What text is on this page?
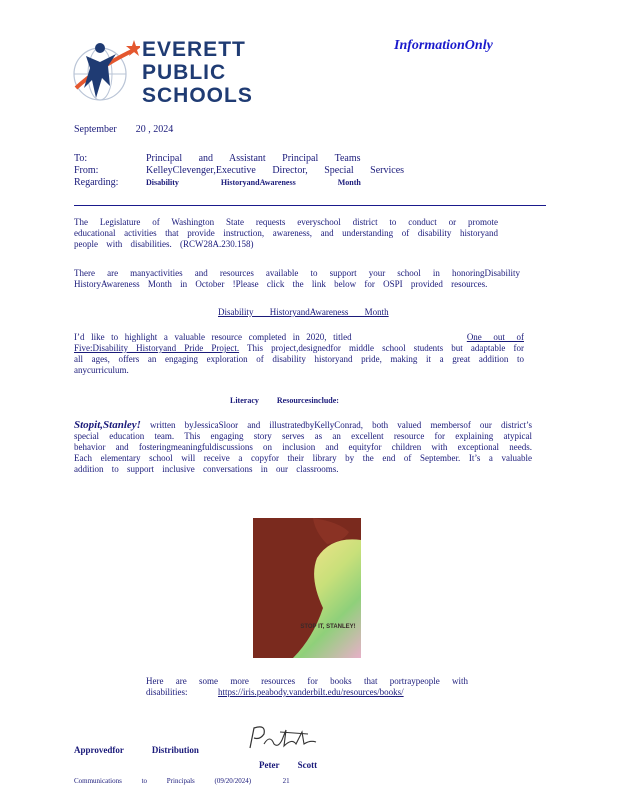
EVERETT
PUBLIC
SCHOOLS
InformationOnly
September 20 , 2024
To:	Principal and Assistant Principal Teams
From:	KelleyClevenger,Executive Director, Special Services
Regarding:	Disability HistoryandAwareness Month
The Legislature of Washington State requests everyschool district to conduct or promote educational activities that provide instruction, awareness, and understanding of disability historyand people with disabilities. (RCW28A.230.158)
There are manyactivities and resources available to support your school in honoringDisability HistoryAwareness Month in October !Please click the link below for OSPI provided resources.
Disability HistoryandAwareness Month
I’d like to highlight a valuable resource completed in 2020, titled	One out of Five:Disability Historyand Pride Project. This project,designedfor middle school students but adaptable for all ages, offers an engaging exploration of disability historyand pride, making it a great addition to anycurriculum.
Literacy Resourcesinclude:
Stopit,Stanley! written byJessicaSloor and illustratedbyKellyConrad, both valued membersof our district’s special education team. This engaging story serves as an excellent resource for explaining atypical behavior and fosteringmeaningfuldiscussions on inclusion and equityfor children with exceptional needs. Each elementary school will receive a copyfor their library by the end of September. It’s a valuable addition to support inclusive conversations in our classrooms.
STOP IT, STANLEY!
Here are some more resources for books that portraypeople with disabilities:	https://iris.peabody.vanderbilt.edu/resources/books/
Approvedfor Distribution
Peter Scott
Communications to Principals (09/20/2024)	21
